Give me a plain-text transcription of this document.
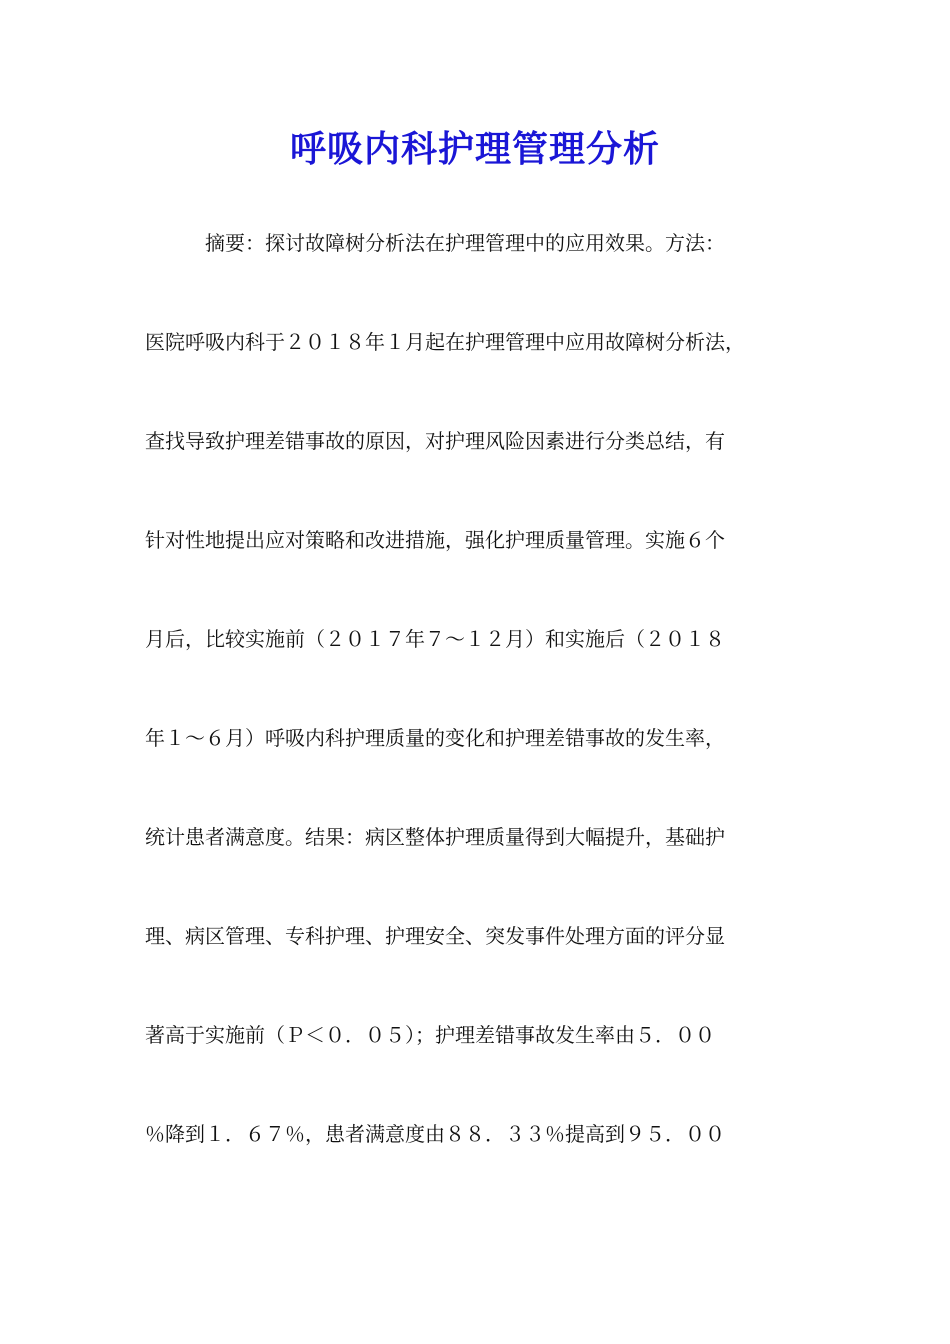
呼吸内科护理管理分析
　　　摘要：探讨故障树分析法在护理管理中的应用效果。方法：
医院呼吸内科于２０１８年１月起在护理管理中应用故障树分析法，
查找导致护理差错事故的原因，对护理风险因素进行分类总结，有
针对性地提出应对策略和改进措施，强化护理质量管理。实施６个
月后，比较实施前（２０１７年７～１２月）和实施后（２０１８
年１～６月）呼吸内科护理质量的变化和护理差错事故的发生率，
统计患者满意度。结果：病区整体护理质量得到大幅提升，基础护
理、病区管理、专科护理、护理安全、突发事件处理方面的评分显
著高于实施前（Ｐ＜０．０５）；护理差错事故发生率由５．００
％降到１．６７％，患者满意度由８８．３３％提高到９５．００
